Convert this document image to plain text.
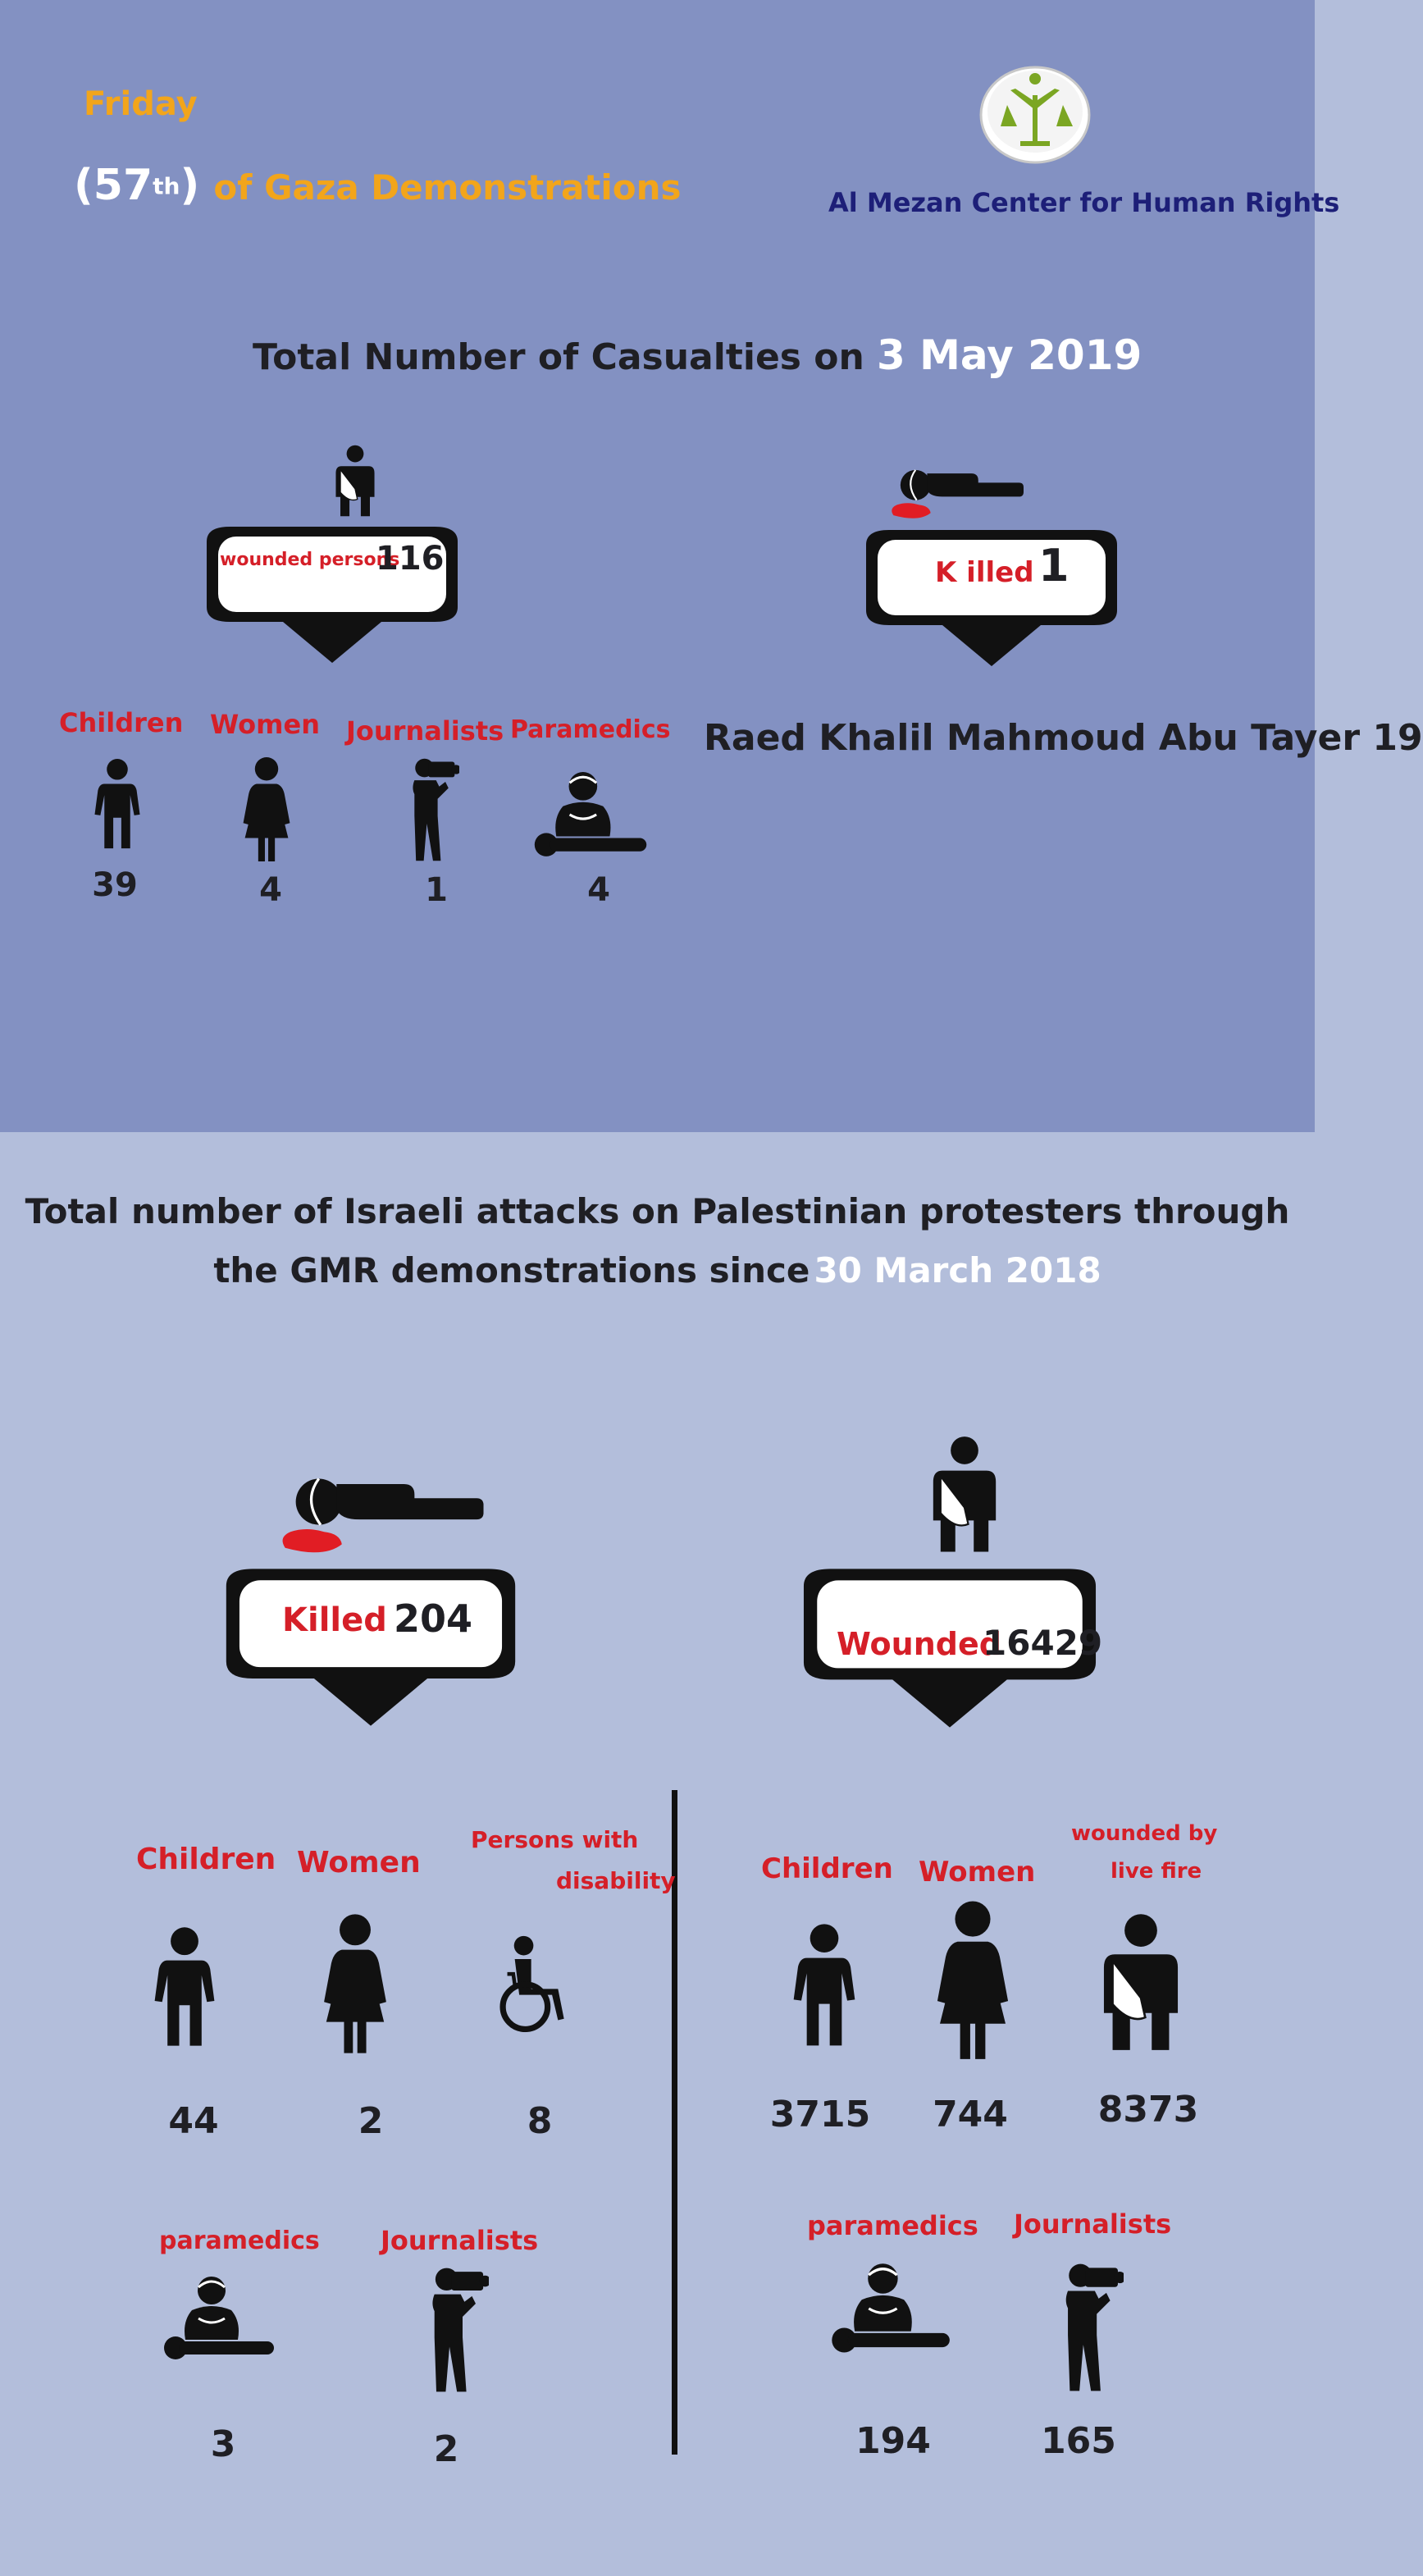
Friday
(57th) of Gaza Demonstrations	Al Mezan Center for Human Rights
Total Number of Casualties on 3 May 2019
wounded persons
116	K illed 1
Raed Khalil Mahmoud Abu Tayer 19
Children Women Journalists Paramedics
39	4	1	4
Total number of Israeli attacks on Palestinian protesters through
the GMR demonstrations since 30 March 2018
Killed 204
Wounded
16429
Children Women
Persons with
disability
44	2	8
paramedics Journalists
3	2
Children Women
wounded by
live fire
3715	744	8373
paramedics Journalists
194	165
